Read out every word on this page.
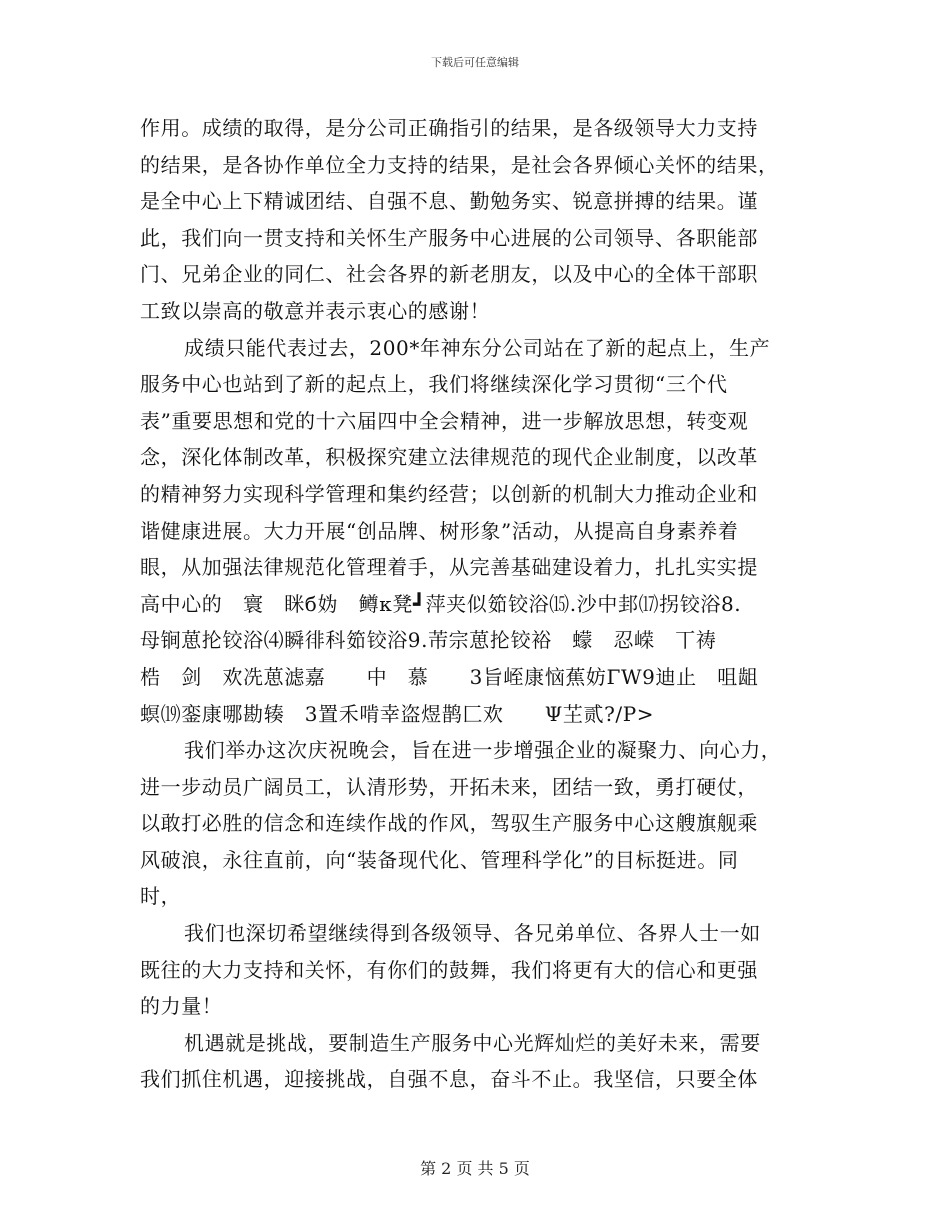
下载后可任意编辑
作用。成绩的取得，是分公司正确指引的结果，是各级领导大力支持
的结果，是各协作单位全力支持的结果，是社会各界倾心关怀的结果，
是全中心上下精诚团结、自强不息、勤勉务实、锐意拼搏的结果。谨
此，我们向一贯支持和关怀生产服务中心进展的公司领导、各职能部
门、兄弟企业的同仁、社会各界的新老朋友，以及中心的全体干部职
工致以崇高的敬意并表示衷心的感谢！
成绩只能代表过去，200*年神东分公司站在了新的起点上，生产
服务中心也站到了新的起点上，我们将继续深化学习贯彻“三个代
表”重要思想和党的十六届四中全会精神，进一步解放思想，转变观
念，深化体制改革，积极探究建立法律规范的现代企业制度，以改革
的精神努力实现科学管理和集约经营；以创新的机制大力推动企业和
谐健康进展。大力开展“创品牌、树形象”活动，从提高自身素养着
眼，从加强法律规范化管理着手，从完善基础建设着力，扎扎实实提
高中心的　寰　眯б妫　鳟κ凳┛萍夹似筎铰浴⒂.沙中邽⒄拐铰浴8.
母锏葸抡铰浴⑷瞬徘科筎铰浴9.芾宗葸抡铰裕　蠓　忍嵘　丅祷
梏　剑　欢冼葸滤嘉　　中　慕　　3旨峌康恼蕉妨ΓW9迪止　咀龃
螟⒆銮康哪勘辏　3置禾啃幸盗煜鹊匚欢　　Ψ芏贰?/P>
我们举办这次庆祝晚会，旨在进一步增强企业的凝聚力、向心力，
进一步动员广阔员工，认清形势，开拓未来，团结一致，勇打硬仗，
以敢打必胜的信念和连续作战的作风，驾驭生产服务中心这艘旗舰乘
风破浪，永往直前，向“装备现代化、管理科学化”的目标挺进。同
时，
我们也深切希望继续得到各级领导、各兄弟单位、各界人士一如
既往的大力支持和关怀，有你们的鼓舞，我们将更有大的信心和更强
的力量！
机遇就是挑战，要制造生产服务中心光辉灿烂的美好未来，需要
我们抓住机遇，迎接挑战，自强不息，奋斗不止。我坚信，只要全体
第 2 页 共 5 页
